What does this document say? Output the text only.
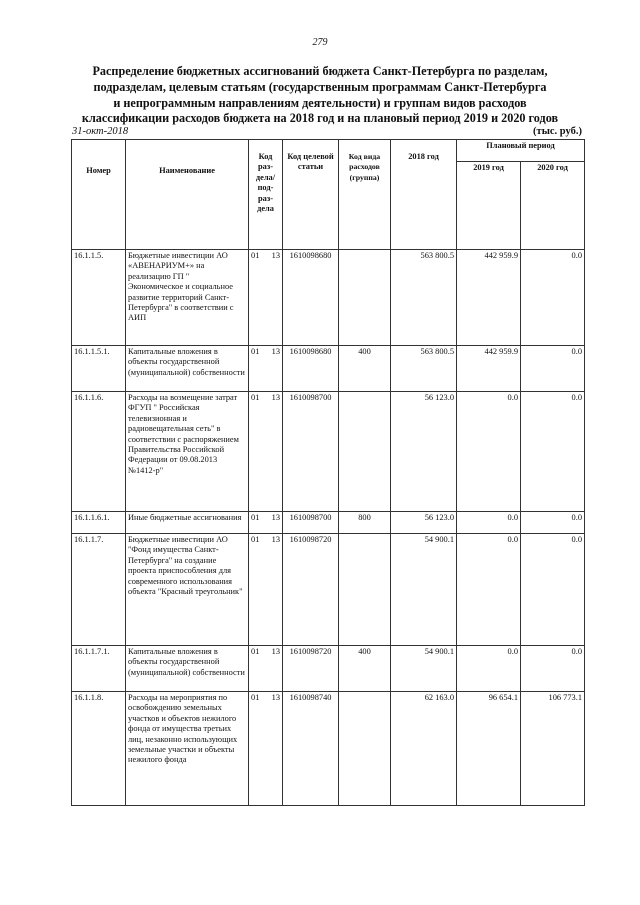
279
Распределение бюджетных ассигнований бюджета Санкт-Петербурга по разделам,
подразделам, целевым статьям (государственным программам Санкт-Петербурга
и непрограммным направлениям деятельности) и группам видов расходов
классификации расходов бюджета на 2018 год и на плановый период 2019 и 2020 годов
31-окт-2018	(тыс. руб.)
Номер	Наименование	Код раз-дела/ под-раз-дела	Код целевой статьи	Код вида расходов (группа)	2018 год	Плановый период	
						2019 год	2020 год
16.1.1.5.	Бюджетные инвестиции АО «АВЕНАРИУМ+» на реализацию ГП " Экономическое и социальное развитие территорий Санкт-Петербурга" в соответствии с АИП	01 13	1610098680		563 800.5	442 959.9	0.0
16.1.1.5.1.	Капитальные вложения в объекты государственной (муниципальной) собственности	01 13	1610098680	400	563 800.5	442 959.9	0.0
16.1.1.6.	Расходы на возмещение затрат ФГУП " Российская телевизионная и радиовещательная сеть" в соответствии с распоряжением Правительства Российской Федерации от 09.08.2013 №1412-р"	01 13	1610098700		56 123.0	0.0	0.0
16.1.1.6.1.	Иные бюджетные ассигнования	01 13	1610098700	800	56 123.0	0.0	0.0
16.1.1.7.	Бюджетные инвестиции АО "Фонд имущества Санкт-Петербурга" на создание проекта приспособления для современного использования объекта "Красный треугольник"	01 13	1610098720		54 900.1	0.0	0.0
16.1.1.7.1.	Капитальные вложения в объекты государственной (муниципальной) собственности	01 13	1610098720	400	54 900.1	0.0	0.0
16.1.1.8.	Расходы на мероприятия по освобождению земельных участков и объектов нежилого фонда от имущества третьих лиц, незаконно использующих земельные участки и объекты нежилого фонда	01 13	1610098740		62 163.0	96 654.1	106 773.1
